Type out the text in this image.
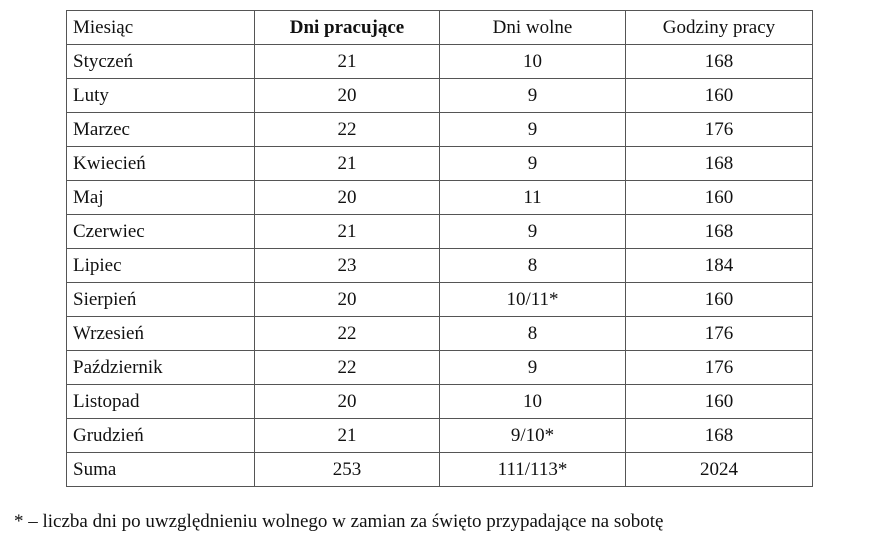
Miesiąc	Dni pracujące	Dni wolne	Godziny pracy
Styczeń	21	10	168
Luty	20	9	160
Marzec	22	9	176
Kwiecień	21	9	168
Maj	20	11	160
Czerwiec	21	9	168
Lipiec	23	8	184
Sierpień	20	10/11*	160
Wrzesień	22	8	176
Październik	22	9	176
Listopad	20	10	160
Grudzień	21	9/10*	168
Suma	253	111/113*	2024
* – liczba dni po uwzględnieniu wolnego w zamian za święto przypadające na sobotę
